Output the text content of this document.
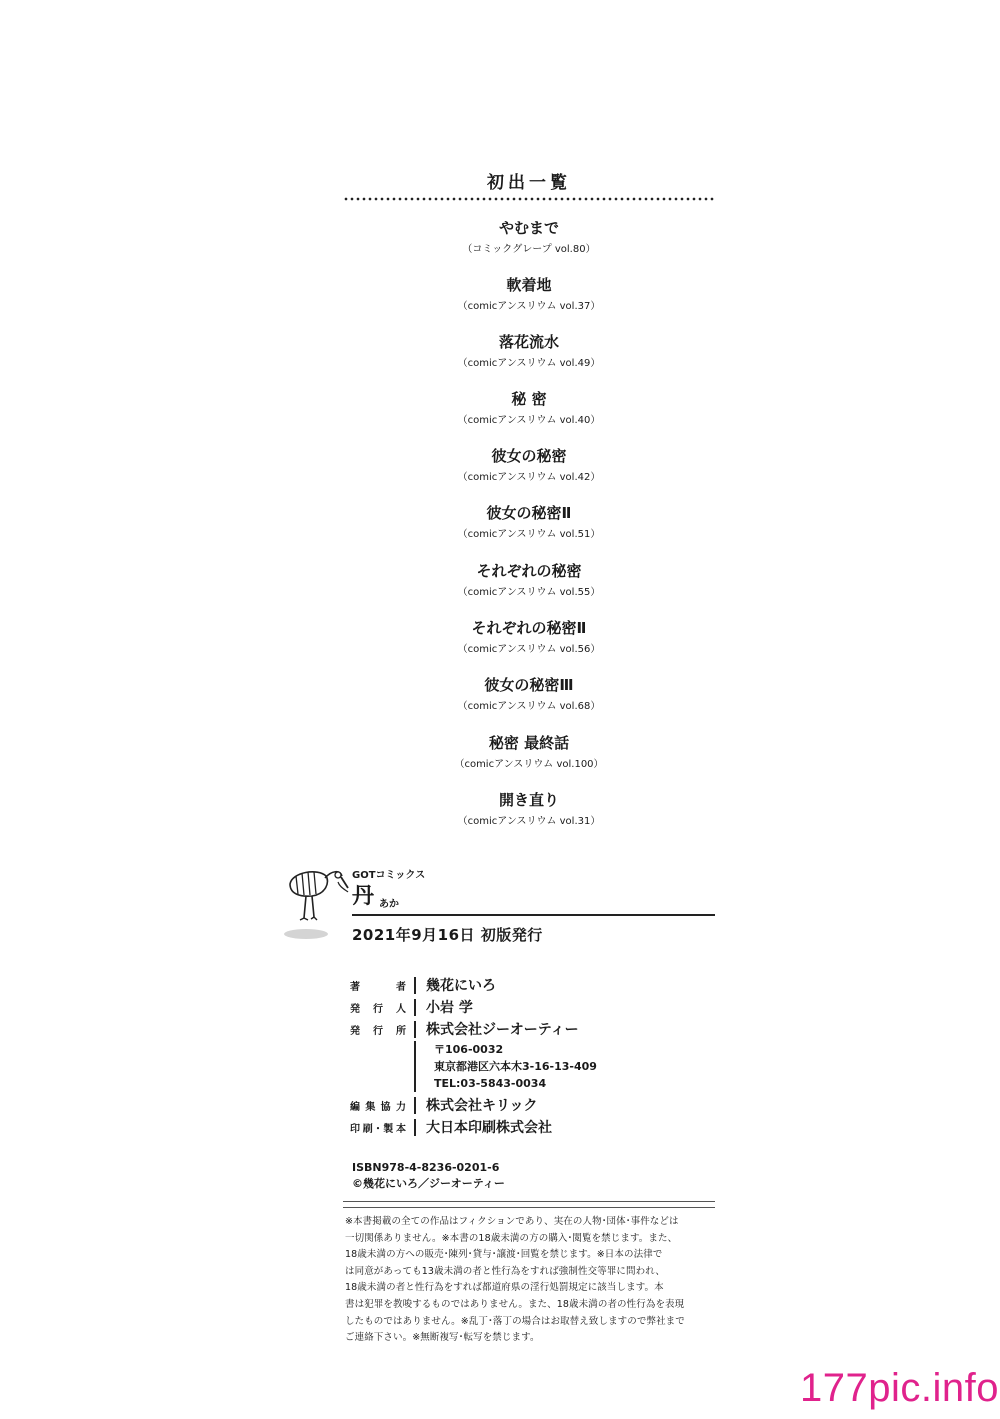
初出一覧
やむまで
（コミックグレープ vol.80）
軟着地
（comicアンスリウム vol.37）
落花流水
（comicアンスリウム vol.49）
秘 密
（comicアンスリウム vol.40）
彼女の秘密
（comicアンスリウム vol.42）
彼女の秘密Ⅱ
（comicアンスリウム vol.51）
それぞれの秘密
（comicアンスリウム vol.55）
それぞれの秘密Ⅱ
（comicアンスリウム vol.56）
彼女の秘密Ⅲ
（comicアンスリウム vol.68）
秘密 最終話
（comicアンスリウム vol.100）
開き直り
（comicアンスリウム vol.31）
GOTコミックス
丹 あか
2021年9月16日 初版発行
著　者 幾花にいろ
発行人 小岩 学
発行所 株式会社ジーオーティー
〒106-0032
東京都港区六本木3-16-13-409
TEL:03-5843-0034
編集協力 株式会社キリック
印刷･製本 大日本印刷株式会社
ISBN978-4-8236-0201-6
©幾花にいろ／ジーオーティー
※本書掲載の全ての作品はフィクションであり、実在の人物･団体･事件などは
一切関係ありません。※本書の18歳未満の方の購入･閲覧を禁じます。また、
18歳未満の方への販売･陳列･貸与･譲渡･回覧を禁じます。※日本の法律で
は同意があっても13歳未満の者と性行為をすれば強制性交等罪に問われ、
18歳未満の者と性行為をすれば都道府県の淫行処罰規定に該当します。本
書は犯罪を教唆するものではありません。また、18歳未満の者の性行為を表現
したものではありません。※乱丁･落丁の場合はお取替え致しますので弊社まで
ご連絡下さい。※無断複写･転写を禁じます。
177pic.info
